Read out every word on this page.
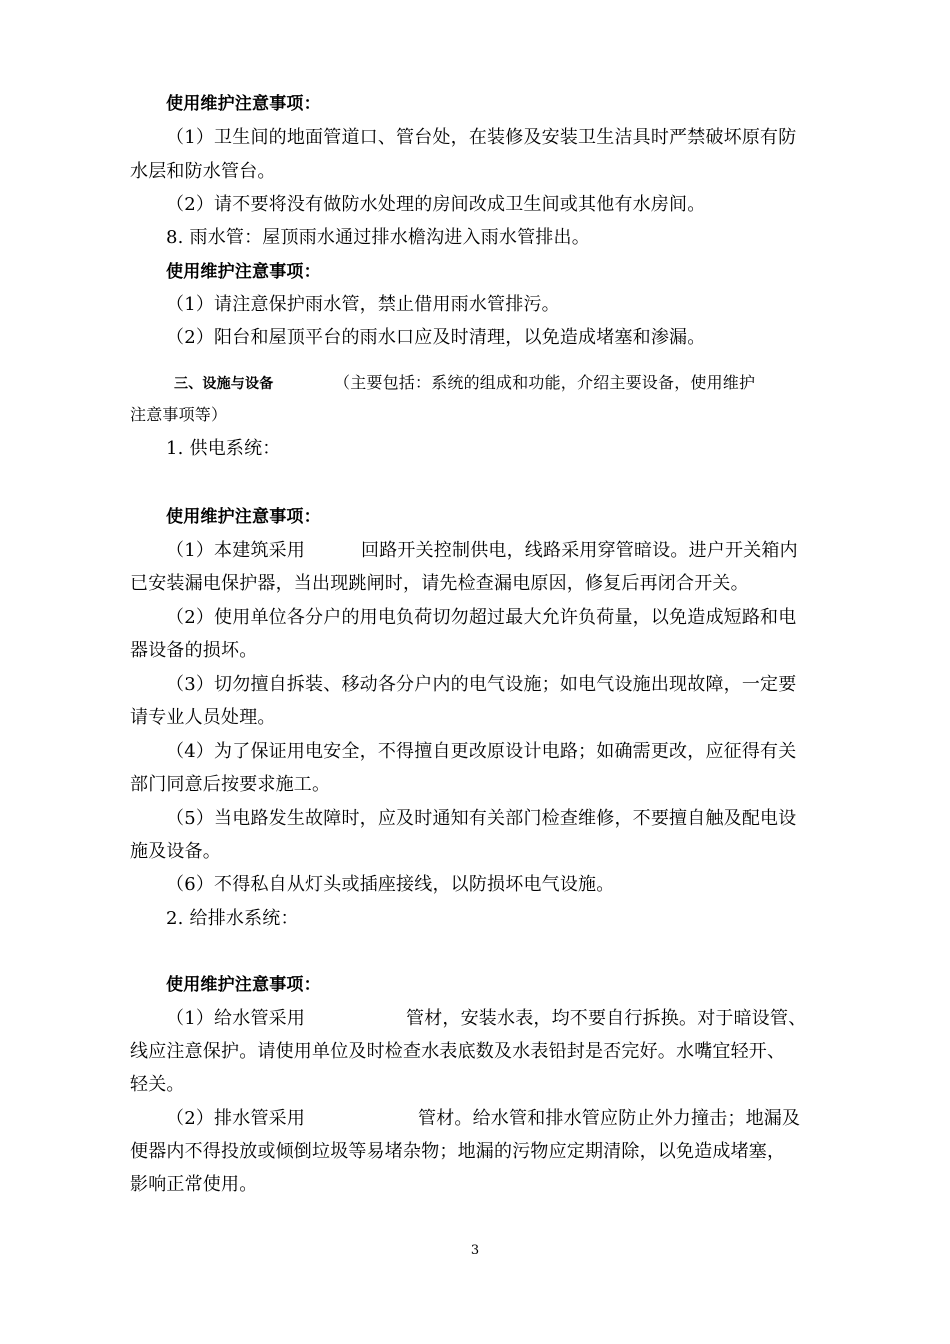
使用维护注意事项：
（1）卫生间的地面管道口、管台处，在装修及安装卫生洁具时严禁破坏原有防
水层和防水管台。
（2）请不要将没有做防水处理的房间改成卫生间或其他有水房间。
8. 雨水管：屋顶雨水通过排水檐沟进入雨水管排出。
使用维护注意事项：
（1）请注意保护雨水管，禁止借用雨水管排污。
（2）阳台和屋顶平台的雨水口应及时清理，以免造成堵塞和渗漏。
三、设施与设备	（主要包括：系统的组成和功能，介绍主要设备，使用维护
注意事项等）
1. 供电系统：
使用维护注意事项：
（1）本建筑采用	回路开关控制供电，线路采用穿管暗设。进户开关箱内
已安装漏电保护器，当出现跳闸时，请先检查漏电原因，修复后再闭合开关。
（2）使用单位各分户的用电负荷切勿超过最大允许负荷量，以免造成短路和电
器设备的损坏。
（3）切勿擅自拆装、移动各分户内的电气设施；如电气设施出现故障，一定要
请专业人员处理。
（4）为了保证用电安全，不得擅自更改原设计电路；如确需更改，应征得有关
部门同意后按要求施工。
（5）当电路发生故障时，应及时通知有关部门检查维修，不要擅自触及配电设
施及设备。
（6）不得私自从灯头或插座接线，以防损坏电气设施。
2. 给排水系统：
使用维护注意事项：
（1）给水管采用	管材，安装水表，均不要自行拆换。对于暗设管、
线应注意保护。请使用单位及时检查水表底数及水表铅封是否完好。水嘴宜轻开、
轻关。
（2）排水管采用	管材。给水管和排水管应防止外力撞击；地漏及
便器内不得投放或倾倒垃圾等易堵杂物；地漏的污物应定期清除，以免造成堵塞，
影响正常使用。
3
